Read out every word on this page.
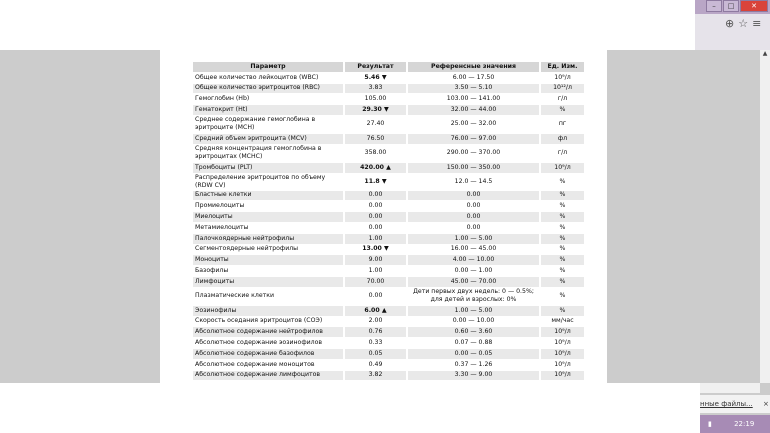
–	□	✕
⊕ ☆ ≡
Параметр	Результат	Референсные значения	Ед. Изм.
Общее количество лейкоцитов (WBC)	5.46 ▼	6.00 — 17.50	10⁹/л
Общее количество эритроцитов (RBC)	3.83	3.50 — 5.10	10¹²/л
Гемоглобин (Hb)	105.00	103.00 — 141.00	г/л
Гематокрит (Ht)	29.30 ▼	32.00 — 44.00	%
Среднее содержание гемоглобина в эритроците (MCH)	27.40	25.00 — 32.00	пг
Средний объем эритроцита (MCV)	76.50	76.00 — 97.00	фл
Средняя концентрация гемоглобина в эритроцитах (MCHC)	358.00	290.00 — 370.00	г/л
Тромбоциты (PLT)	420.00 ▲	150.00 — 350.00	10⁹/л
Распределение эритроцитов по объему (RDW CV)	11.8 ▼	12.0 — 14.5	%
Бластные клетки	0.00	0.00	%
Промиелоциты	0.00	0.00	%
Миелоциты	0.00	0.00	%
Метамиелоциты	0.00	0.00	%
Палочкоядерные нейтрофилы	1.00	1.00 — 5.00	%
Сегментоядерные нейтрофилы	13.00 ▼	16.00 — 45.00	%
Моноциты	9.00	4.00 — 10.00	%
Базофилы	1.00	0.00 — 1.00	%
Лимфоциты	70.00	45.00 — 70.00	%
Плазматические клетки	0.00	Дети первых двух недель: 0 — 0.5%; для детей и взрослых: 0%	%
Эозинофилы	6.00 ▲	1.00 — 5.00	%
Скорость оседания эритроцитов (СОЭ)	2.00	0.00 — 10.00	мм/час
Абсолютное содержание нейтрофилов	0.76	0.60 — 3.60	10⁹/л
Абсолютное содержание эозинофилов	0.33	0.07 — 0.88	10⁹/л
Абсолютное содержание базофилов	0.05	0.00 — 0.05	10⁹/л
Абсолютное содержание моноцитов	0.49	0.37 — 1.26	10⁹/л
Абсолютное содержание лимфоцитов	3.82	3.30 — 9.00	10⁹/л
▲
нные файлы... ×
▮	22:19
